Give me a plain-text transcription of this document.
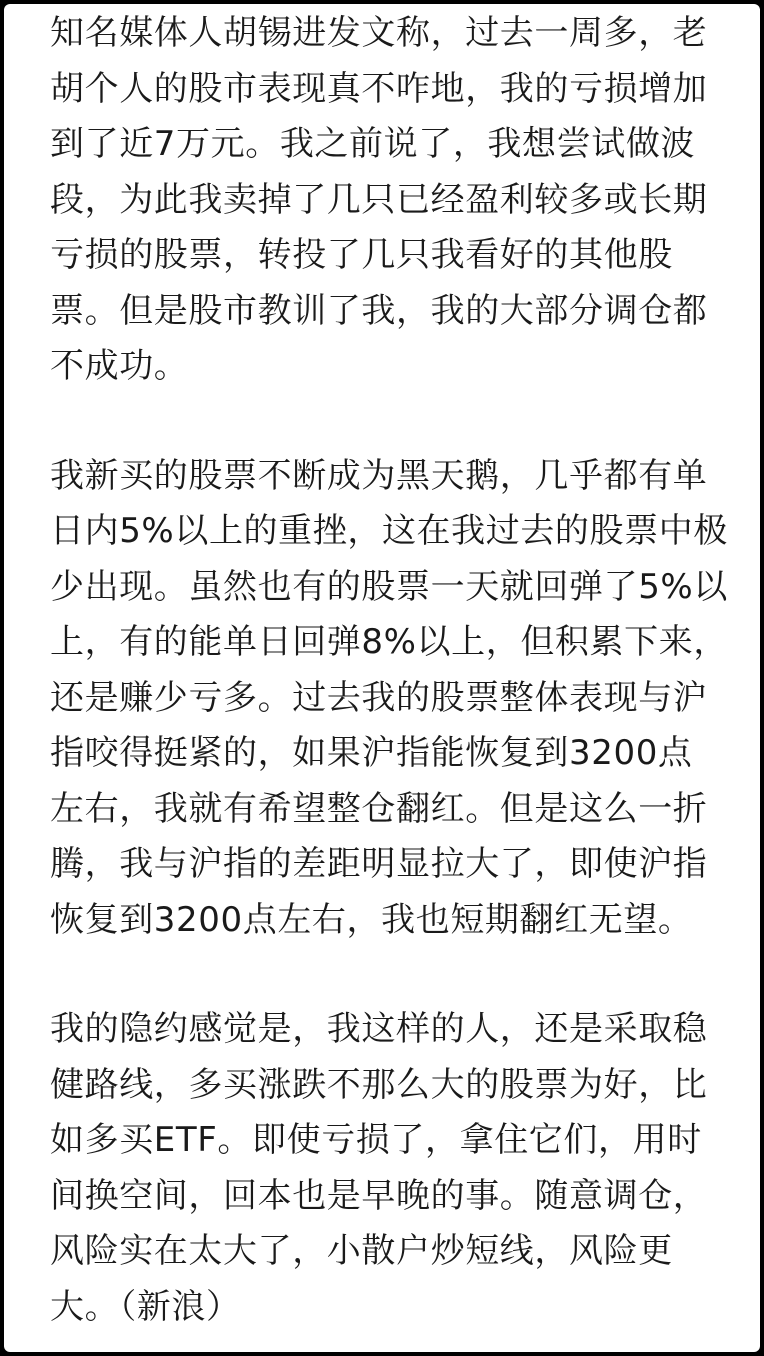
知名媒体人胡锡进发文称，过去一周多，老
胡个人的股市表现真不咋地，我的亏损增加
到了近7万元。我之前说了，我想尝试做波
段，为此我卖掉了几只已经盈利较多或长期
亏损的股票，转投了几只我看好的其他股
票。但是股市教训了我，我的大部分调仓都
不成功。
我新买的股票不断成为黑天鹅，几乎都有单
日内5%以上的重挫，这在我过去的股票中极
少出现。虽然也有的股票一天就回弹了5%以
上，有的能单日回弹8%以上，但积累下来，
还是赚少亏多。过去我的股票整体表现与沪
指咬得挺紧的，如果沪指能恢复到3200点
左右，我就有希望整仓翻红。但是这么一折
腾，我与沪指的差距明显拉大了，即使沪指
恢复到3200点左右，我也短期翻红无望。
我的隐约感觉是，我这样的人，还是采取稳
健路线，多买涨跌不那么大的股票为好，比
如多买ETF。即使亏损了，拿住它们，用时
间换空间，回本也是早晚的事。随意调仓，
风险实在太大了，小散户炒短线，风险更
大。（新浪）
